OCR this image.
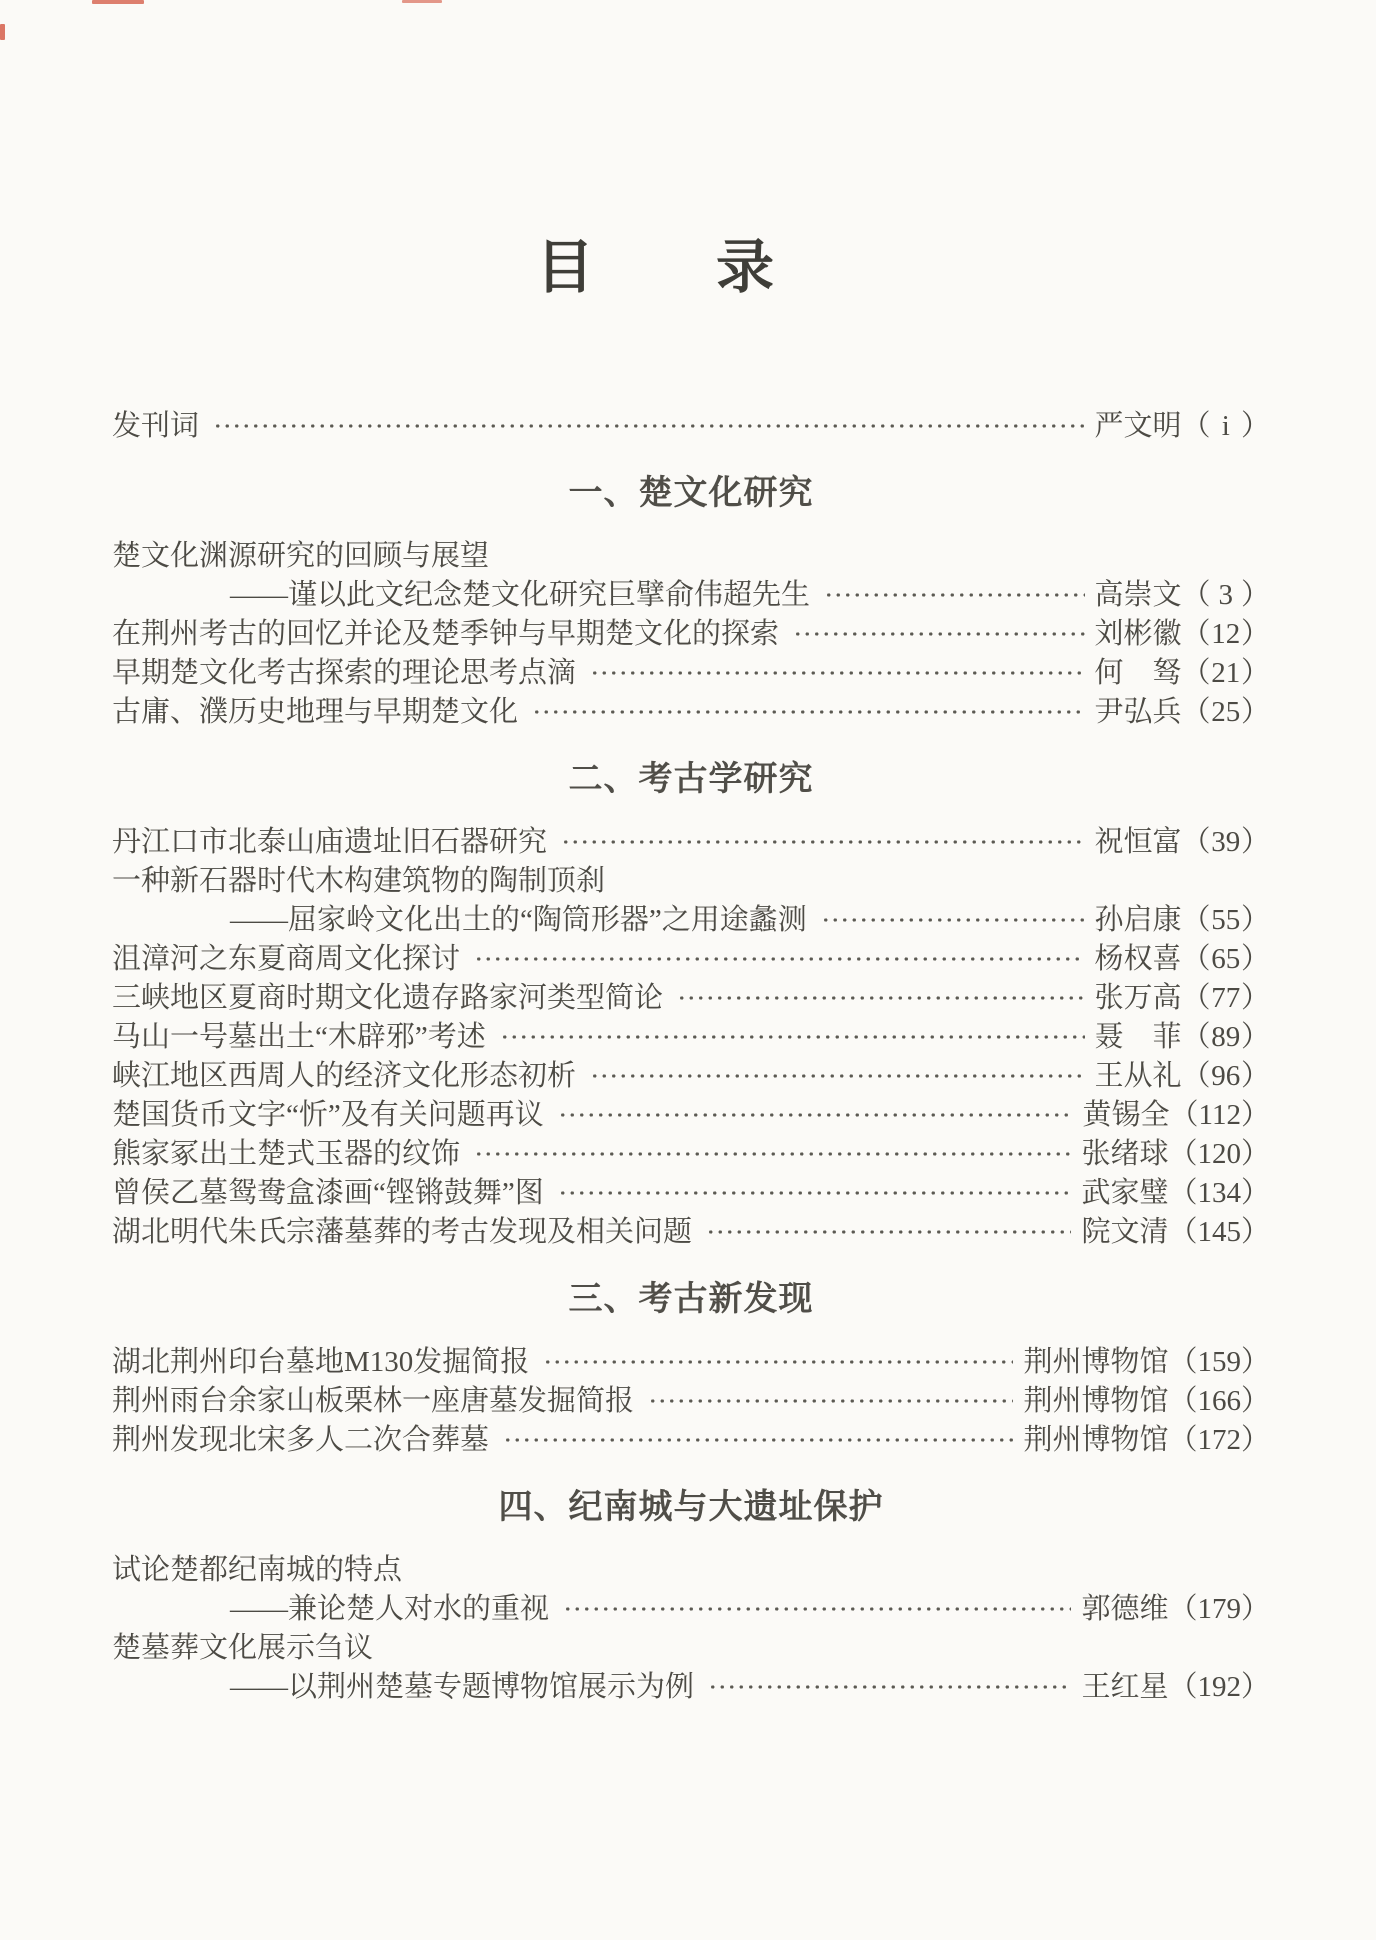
目　　录
发刊词	严文明 （ i ）
一、楚文化研究
楚文化渊源研究的回顾与展望
——谨以此文纪念楚文化研究巨擘俞伟超先生	高崇文 （ 3 ）
在荆州考古的回忆并论及楚季钟与早期楚文化的探索	刘彬徽 （ 12 ）
早期楚文化考古探索的理论思考点滴	何　驽 （ 21 ）
古庸、濮历史地理与早期楚文化	尹弘兵 （ 25 ）
二、考古学研究
丹江口市北泰山庙遗址旧石器研究	祝恒富 （ 39 ）
一种新石器时代木构建筑物的陶制顶刹
——屈家岭文化出土的“陶筒形器”之用途蠡测	孙启康 （ 55 ）
沮漳河之东夏商周文化探讨	杨权喜 （ 65 ）
三峡地区夏商时期文化遗存路家河类型简论	张万高 （ 77 ）
马山一号墓出土“木辟邪”考述	聂　菲 （ 89 ）
峡江地区西周人的经济文化形态初析	王从礼 （ 96 ）
楚国货币文字“忻”及有关问题再议	黄锡全 （ 112 ）
熊家冢出土楚式玉器的纹饰	张绪球 （ 120 ）
曾侯乙墓鸳鸯盒漆画“铿锵鼓舞”图	武家璧 （ 134 ）
湖北明代朱氏宗藩墓葬的考古发现及相关问题	院文清 （ 145 ）
三、考古新发现
湖北荆州印台墓地M130发掘简报	荆州博物馆 （ 159 ）
荆州雨台余家山板栗林一座唐墓发掘简报	荆州博物馆 （ 166 ）
荆州发现北宋多人二次合葬墓	荆州博物馆 （ 172 ）
四、纪南城与大遗址保护
试论楚都纪南城的特点
——兼论楚人对水的重视	郭德维 （ 179 ）
楚墓葬文化展示刍议
——以荆州楚墓专题博物馆展示为例	王红星 （ 192 ）
